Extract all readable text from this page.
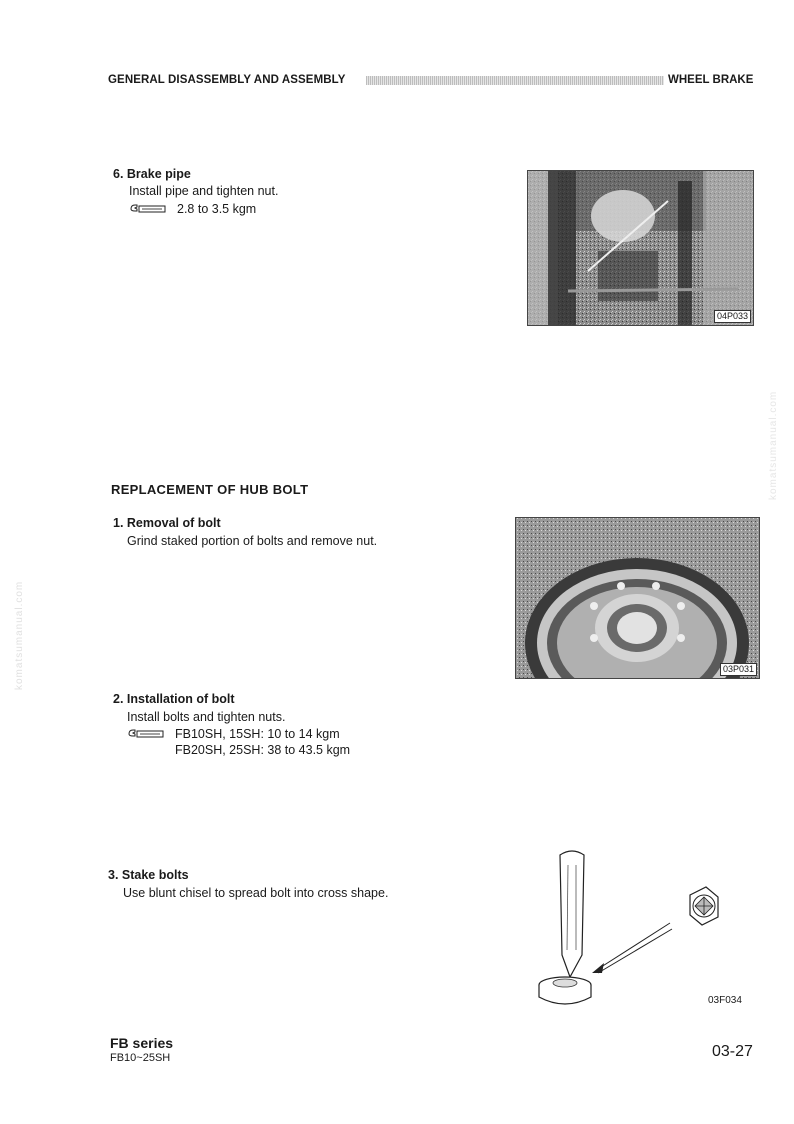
GENERAL DISASSEMBLY AND ASSEMBLY	WHEEL BRAKE
komatsumanual.com
komatsumanual.com
6. Brake pipe
Install pipe and tighten nut.
2.8 to 3.5 kgm
04P033
REPLACEMENT OF HUB BOLT
1. Removal of bolt
Grind staked portion of bolts and remove nut.
03P031
2. Installation of bolt
Install bolts and tighten nuts.
FB10SH, 15SH: 10 to 14 kgm
FB20SH, 25SH: 38 to 43.5 kgm
3. Stake bolts
Use blunt chisel to spread bolt into cross shape.
03F034
FB series
FB10~25SH	03-27
